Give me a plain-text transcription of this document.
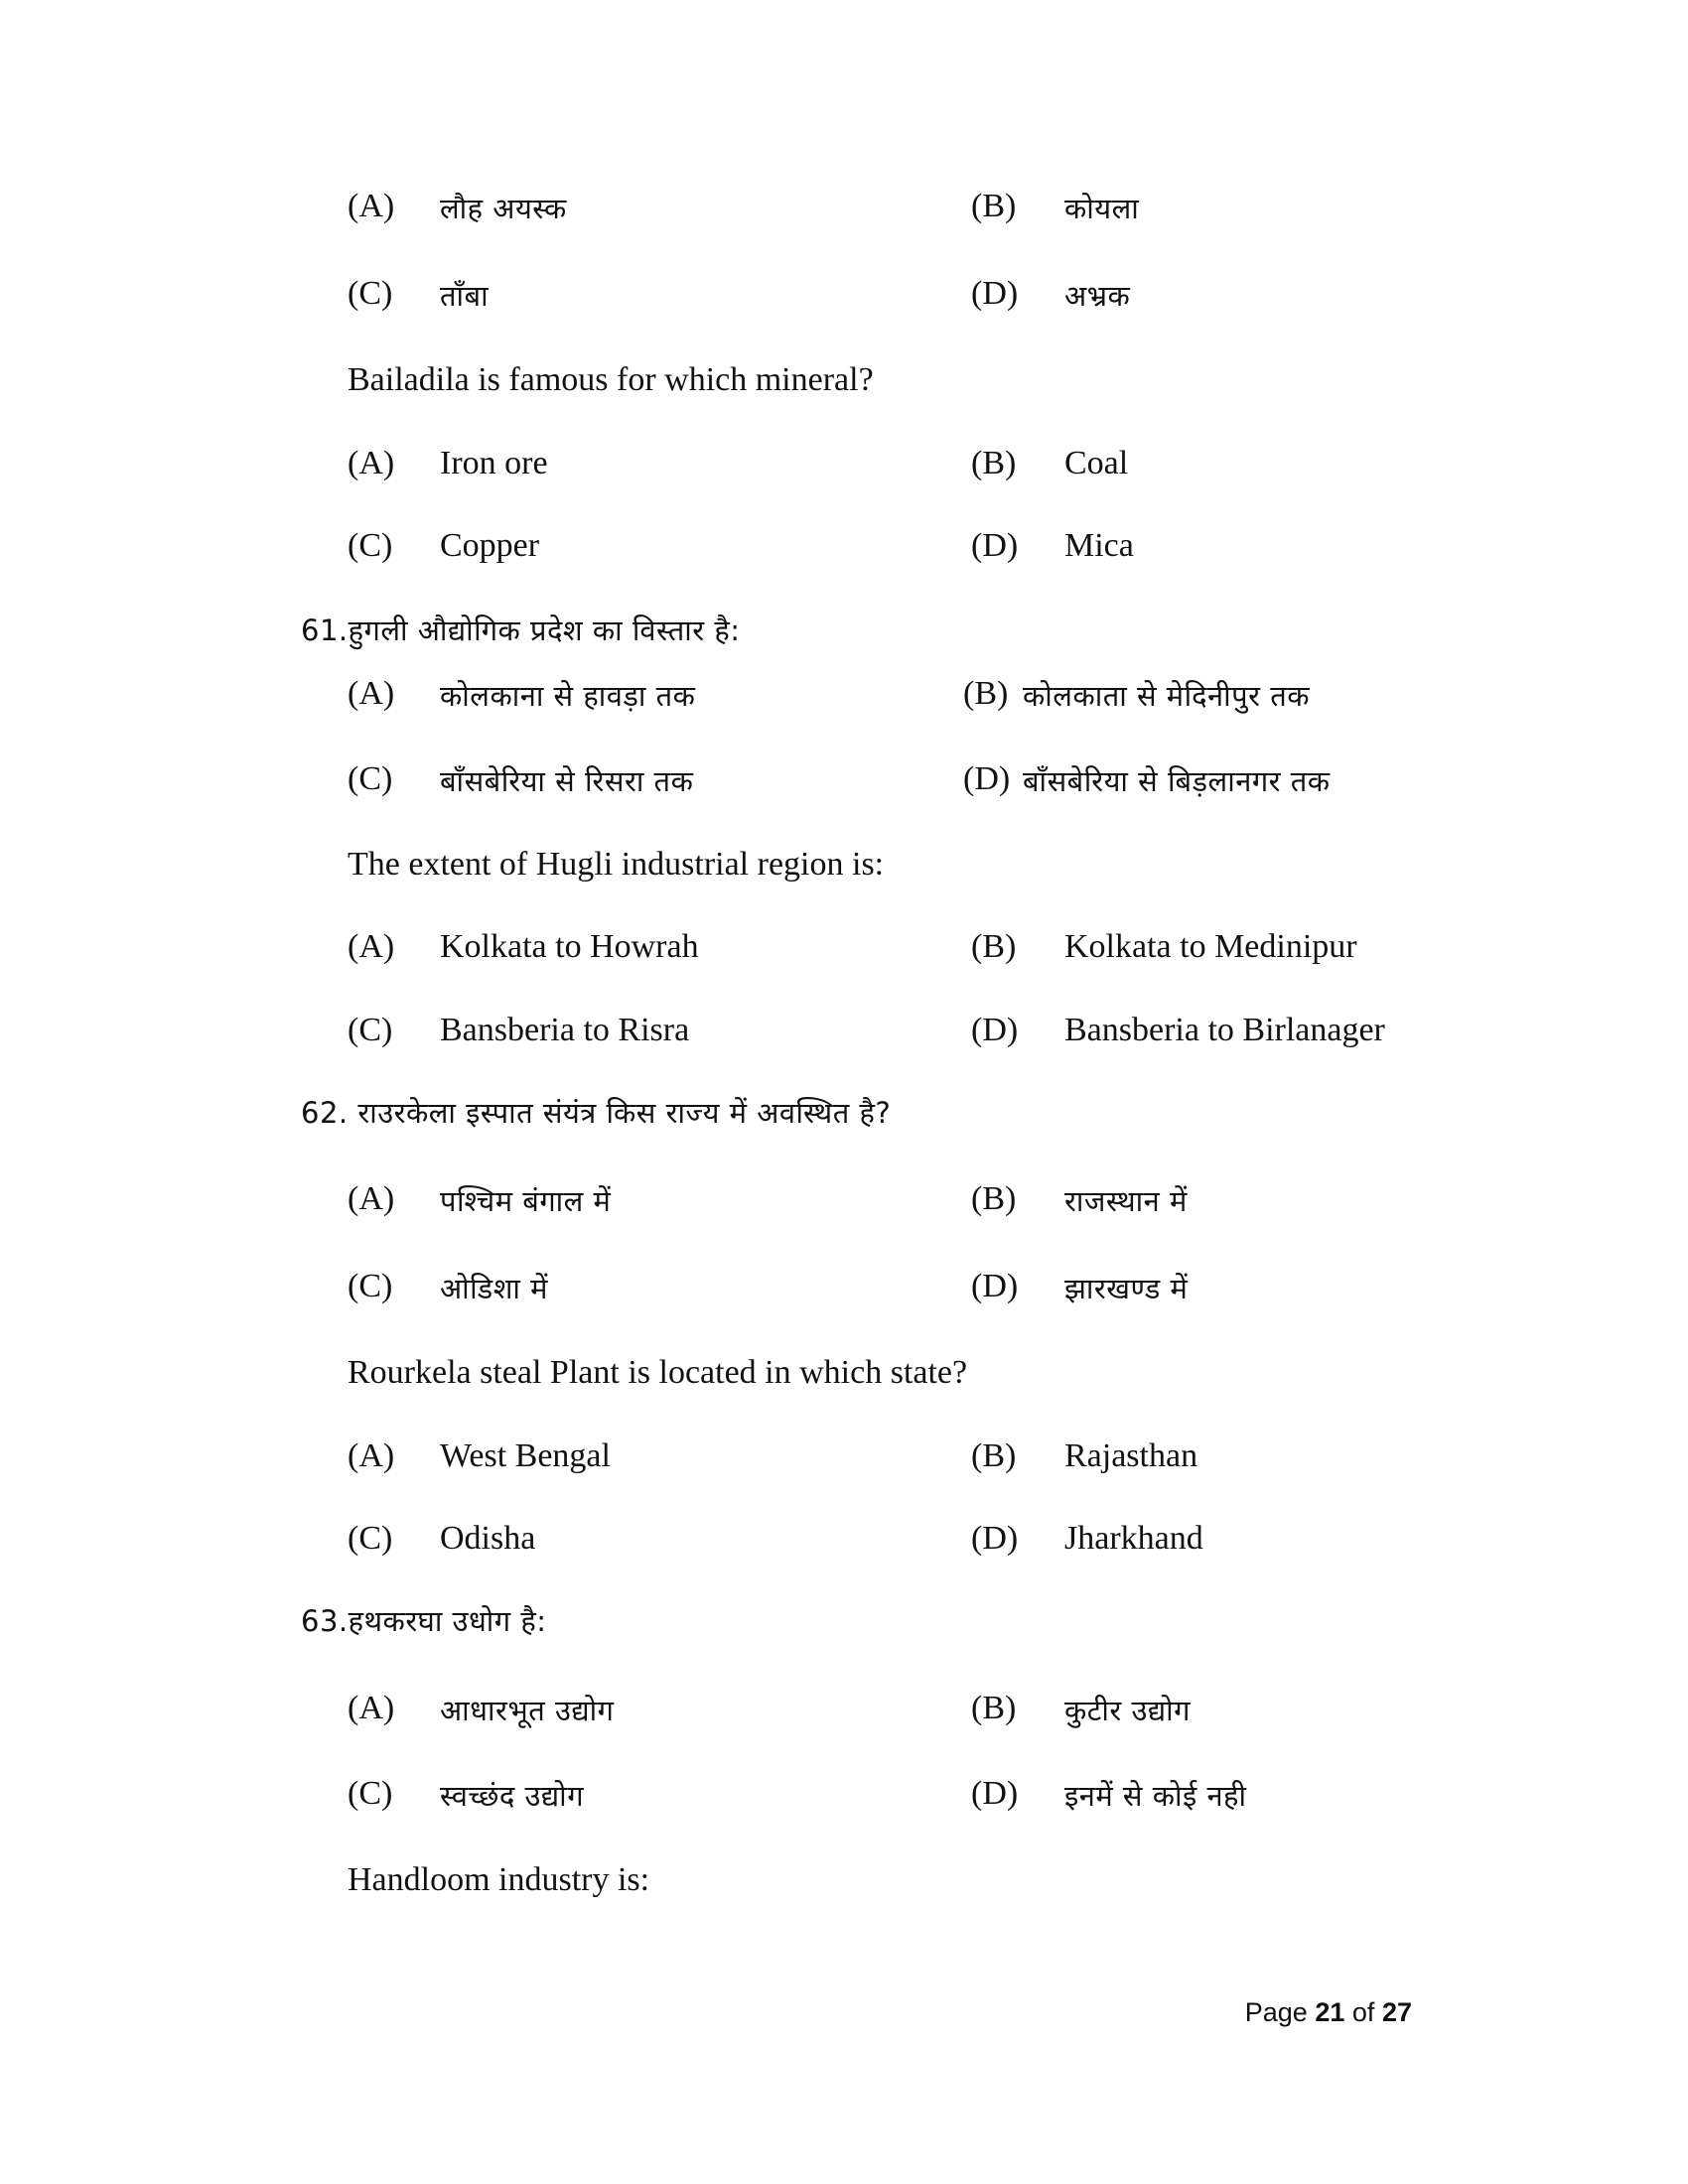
(A) लौह अयस्क	(B) कोयला
(C) ताँबा	(D) अभ्रक
Bailadila is famous for which mineral?
(A) Iron ore	(B) Coal
(C) Copper	(D) Mica
61.हुगली औद्योगिक प्रदेश का विस्तार है:
(A) कोलकाना से हावड़ा तक	(B) कोलकाता से मेदिनीपुर तक
(C) बाँसबेरिया से रिसरा तक	(D) बाँसबेरिया से बिड़लानगर तक
The extent of Hugli industrial region is:
(A) Kolkata to Howrah	(B) Kolkata to Medinipur
(C) Bansberia to Risra	(D) Bansberia to Birlanager
62. राउरकेला इस्पात संयंत्र किस राज्य में अवस्थित है?
(A) पश्चिम बंगाल में	(B) राजस्थान में
(C) ओडिशा में	(D) झारखण्ड में
Rourkela steal Plant is located in which state?
(A) West Bengal	(B) Rajasthan
(C) Odisha	(D) Jharkhand
63.हथकरघा उधोग है:
(A) आधारभूत उद्योग	(B) कुटीर उद्योग
(C) स्वच्छंद उद्योग	(D) इनमें से कोई नही
Handloom industry is:
Page 21 of 27
